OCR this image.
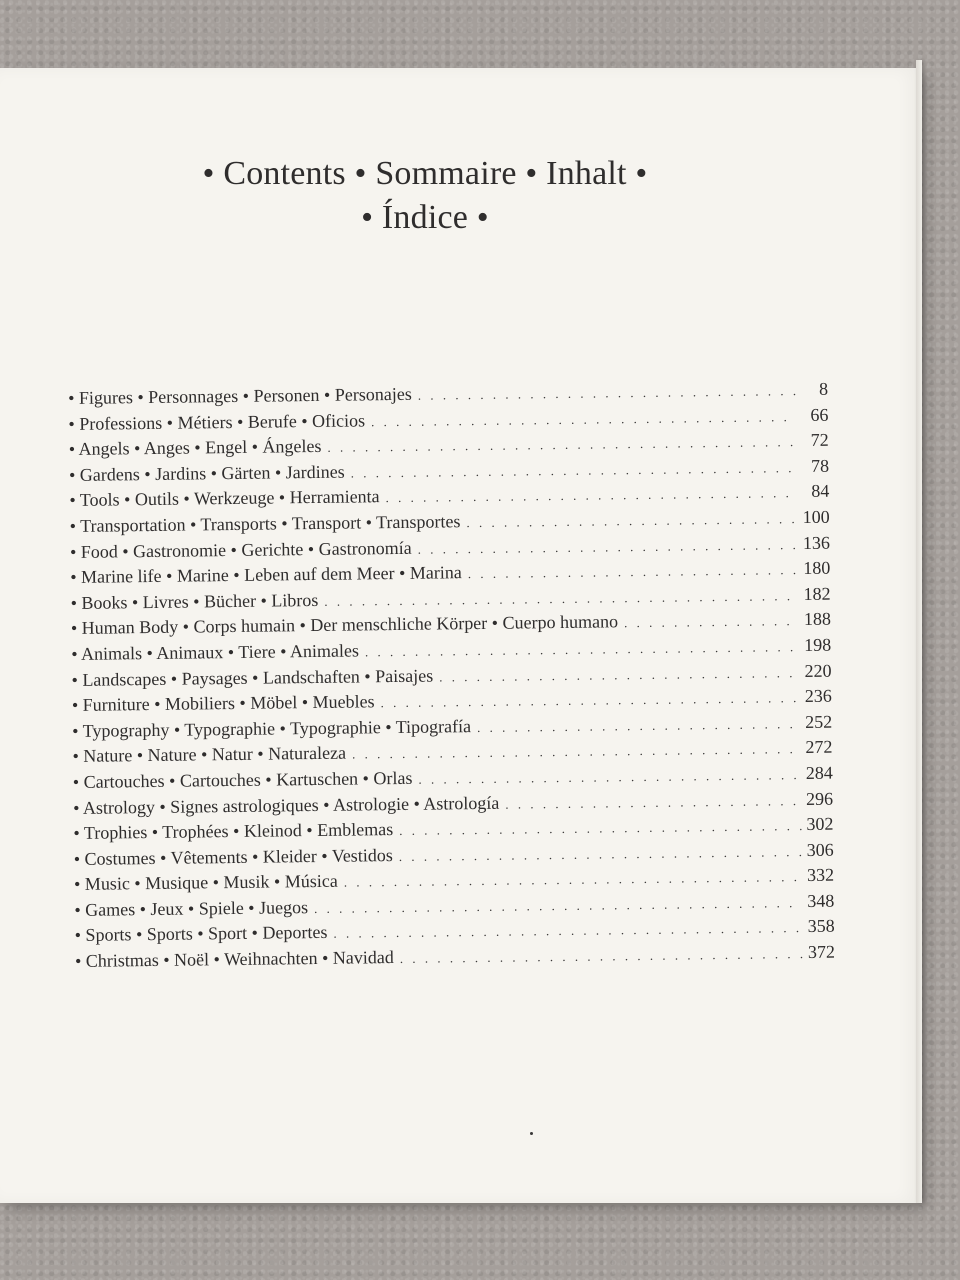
• Contents • Sommaire • Inhalt •
• Índice •
• Figures • Personnages • Personen • Personajes . . .	8
• Professions • Métiers • Berufe • Oficios . . .	66
• Angels • Anges • Engel • Ángeles . . .	72
• Gardens • Jardins • Gärten • Jardines . . .	78
• Tools • Outils • Werkzeuge • Herramienta . . .	84
• Transportation • Transports • Transport • Transportes . . .	100
• Food • Gastronomie • Gerichte • Gastronomía . . .	136
• Marine life • Marine • Leben auf dem Meer • Marina . . .	180
• Books • Livres • Bücher • Libros . . .	182
• Human Body • Corps humain • Der menschliche Körper • Cuerpo humano . . .	188
• Animals • Animaux • Tiere • Animales . . .	198
• Landscapes • Paysages • Landschaften • Paisajes . . .	220
• Furniture • Mobiliers • Möbel • Muebles . . .	236
• Typography • Typographie • Typographie • Tipografía . . .	252
• Nature • Nature • Natur • Naturaleza . . .	272
• Cartouches • Cartouches • Kartuschen • Orlas . . .	284
• Astrology • Signes astrologiques • Astrologie • Astrología . . .	296
• Trophies • Trophées • Kleinod • Emblemas . . .	302
• Costumes • Vêtements • Kleider • Vestidos . . .	306
• Music • Musique • Musik • Música . . .	332
• Games • Jeux • Spiele • Juegos . . .	348
• Sports • Sports • Sport • Deportes . . .	358
• Christmas • Noël • Weihnachten • Navidad . . .	372
